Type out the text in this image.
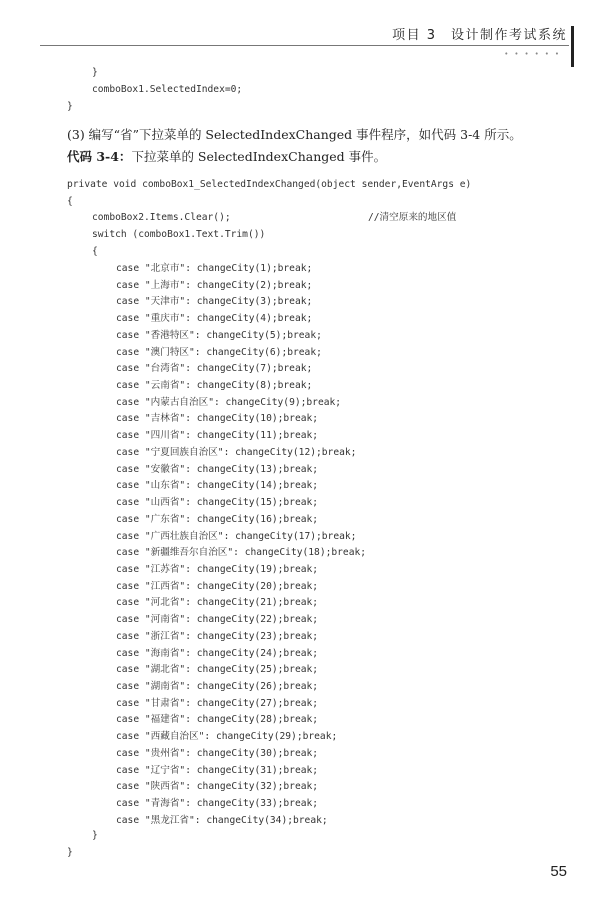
项目 3　设计制作考试系统
••••••
}
comboBox1.SelectedIndex=0;
}
(3) 编写“省”下拉菜单的 SelectedIndexChanged 事件程序，如代码 3-4 所示。
代码 3-4：下拉菜单的 SelectedIndexChanged 事件。
private void comboBox1_SelectedIndexChanged(object sender,EventArgs e)
{
comboBox2.Items.Clear();	//清空原来的地区值
switch (comboBox1.Text.Trim())
{
case "北京市": changeCity(1);break;
case "上海市": changeCity(2);break;
case "天津市": changeCity(3);break;
case "重庆市": changeCity(4);break;
case "香港特区": changeCity(5);break;
case "澳门特区": changeCity(6);break;
case "台湾省": changeCity(7);break;
case "云南省": changeCity(8);break;
case "内蒙古自治区": changeCity(9);break;
case "吉林省": changeCity(10);break;
case "四川省": changeCity(11);break;
case "宁夏回族自治区": changeCity(12);break;
case "安徽省": changeCity(13);break;
case "山东省": changeCity(14);break;
case "山西省": changeCity(15);break;
case "广东省": changeCity(16);break;
case "广西壮族自治区": changeCity(17);break;
case "新疆维吾尔自治区": changeCity(18);break;
case "江苏省": changeCity(19);break;
case "江西省": changeCity(20);break;
case "河北省": changeCity(21);break;
case "河南省": changeCity(22);break;
case "浙江省": changeCity(23);break;
case "海南省": changeCity(24);break;
case "湖北省": changeCity(25);break;
case "湖南省": changeCity(26);break;
case "甘肃省": changeCity(27);break;
case "福建省": changeCity(28);break;
case "西藏自治区": changeCity(29);break;
case "贵州省": changeCity(30);break;
case "辽宁省": changeCity(31);break;
case "陕西省": changeCity(32);break;
case "青海省": changeCity(33);break;
case "黑龙江省": changeCity(34);break;
}
}
55
